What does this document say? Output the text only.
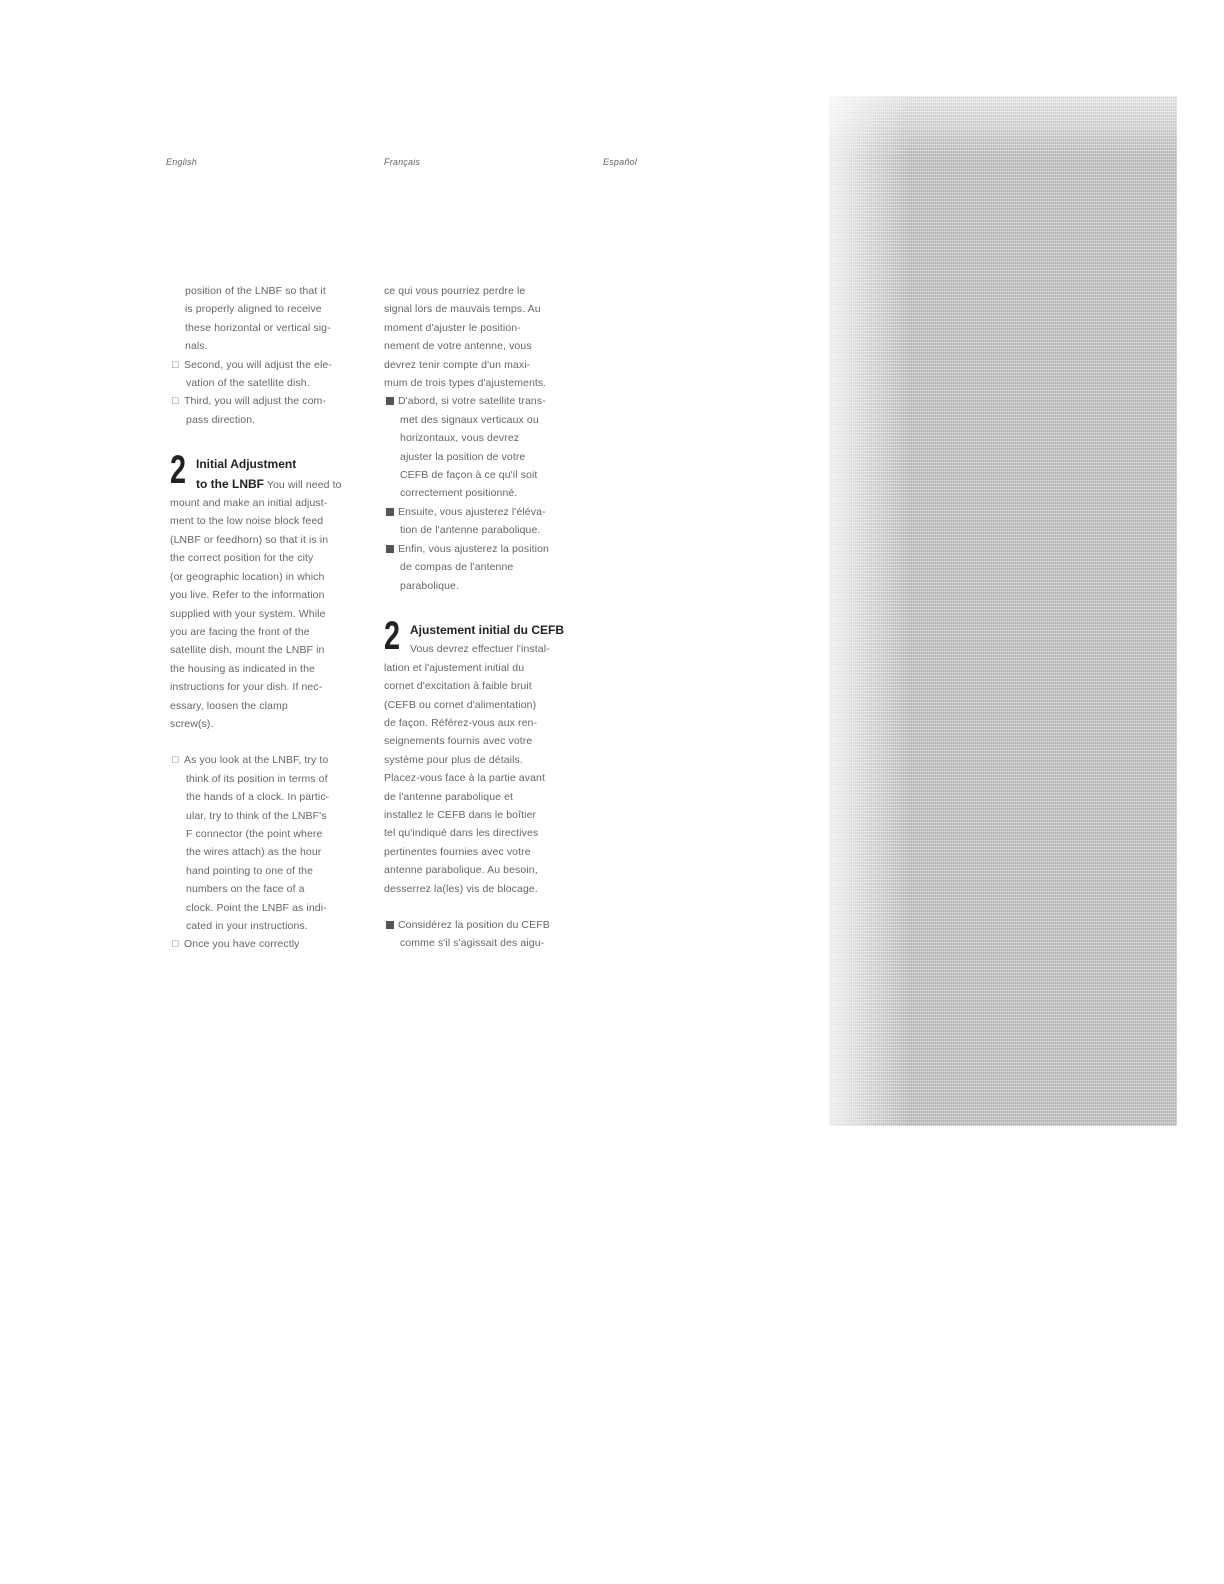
English	Français	Español

position of the LNBF so that it

is properly aligned to receive

these horizontal or vertical sig-

nals.

□ Second, you will adjust the ele-
vation of the satellite dish.
□ Third, you will adjust the com-
pass direction.
2 Initial Adjustment

to the LNBF You will need to

mount and make an initial adjust-

ment to the low noise block feed

(LNBF or feedhorn) so that it is in

the correct position for the city

(or geographic location) in which

you live. Refer to the information

supplied with your system. While

you are facing the front of the

satellite dish, mount the LNBF in

the housing as indicated in the

instructions for your dish. If nec-

essary, loosen the clamp

screw(s).

□ As you look at the LNBF, try to
think of its position in terms of
the hands of a clock. In partic-
ular, try to think of the LNBF's
F connector (the point where
the wires attach) as the hour
hand pointing to one of the
numbers on the face of a
clock. Point the LNBF as indi-
cated in your instructions.
□ Once you have correctly

ce qui vous pourriez perdre le

signal lors de mauvais temps. Au

moment d'ajuster le position-

nement de votre antenne, vous

devrez tenir compte d'un maxi-

mum de trois types d'ajustements.

D'abord, si votre satellite trans-
met des signaux verticaux ou
horizontaux, vous devrez
ajuster la position de votre
CEFB de façon à ce qu'il soit
correctement positionné.
Ensuite, vous ajusterez l'éléva-
tion de l'antenne parabolique.
Enfin, vous ajusterez la position
de compas de l'antenne
parabolique.
2 Ajustement initial du CEFB

Vous devrez effectuer l'instal-

lation et l'ajustement initial du

cornet d'excitation à faible bruit

(CEFB ou cornet d'alimentation)

de façon. Référez-vous aux ren-

seignements fournis avec votre

système pour plus de détails.

Placez-vous face à la partie avant

de l'antenne parabolique et

installez le CEFB dans le boîtier

tel qu'indiqué dans les directives

pertinentes fournies avec votre

antenne parabolique. Au besoin,

desserrez la(les) vis de blocage.

Considérez la position du CEFB
comme s'il s'agissait des aigu-
